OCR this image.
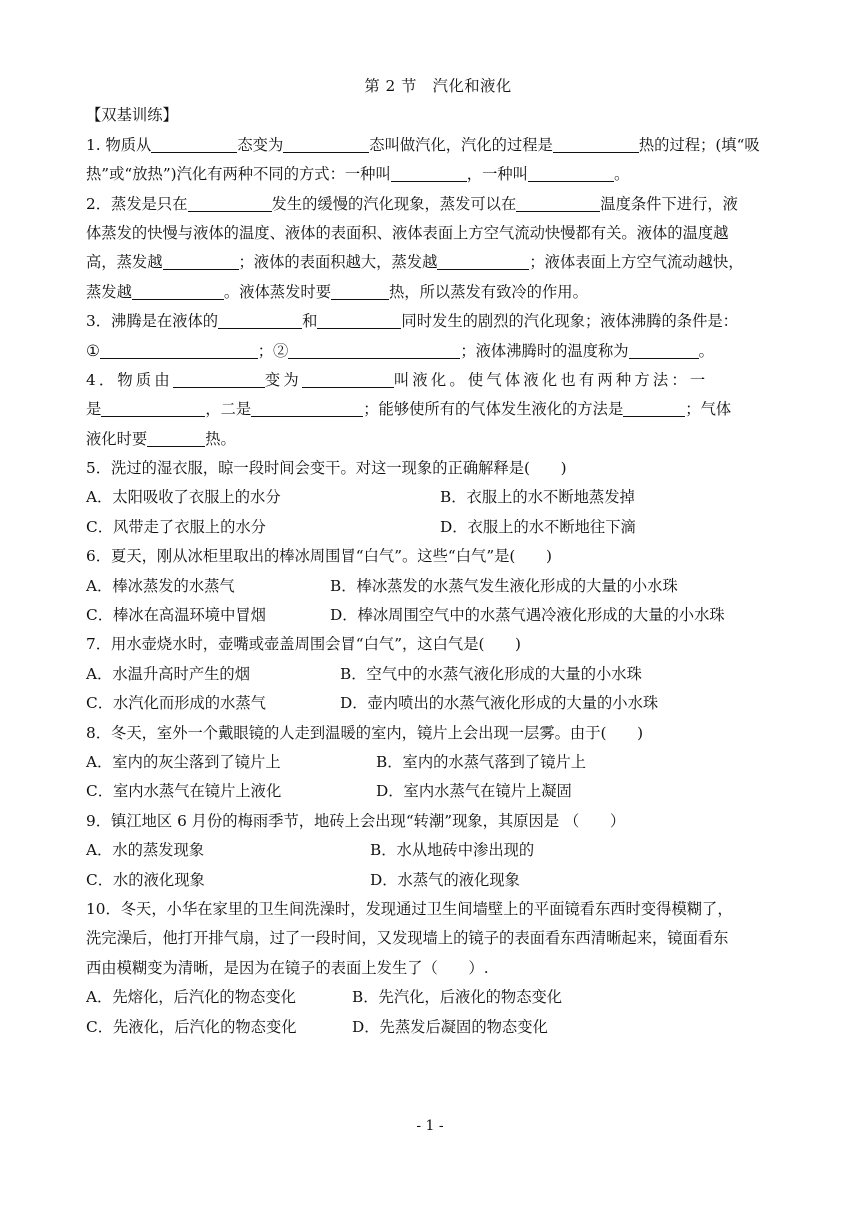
第 2 节　汽化和液化
【双基训练】
1. 物质从	态变为	态叫做汽化，汽化的过程是	热的过程；(填“吸
热”或“放热”)汽化有两种不同的方式：一种叫	，一种叫	。
2．蒸发是只在	发生的缓慢的汽化现象，蒸发可以在	温度条件下进行，液
体蒸发的快慢与液体的温度、液体的表面积、液体表面上方空气流动快慢都有关。液体的温度越
高，蒸发越	；液体的表面积越大，蒸发越	；液体表面上方空气流动越快，
蒸发越	。液体蒸发时要	热，所以蒸发有致冷的作用。
3．沸腾是在液体的	和	同时发生的剧烈的汽化现象；液体沸腾的条件是：
①	；②	；液体沸腾时的温度称为	。
4．物质由	变为	叫液化。使气体液化也有两种方法：一
是	，二是	；能够使所有的气体发生液化的方法是	；气体
液化时要	热。
5．洗过的湿衣服，晾一段时间会变干。对这一现象的正确解释是(　　)
A．太阳吸收了衣服上的水分	B．衣服上的水不断地蒸发掉
C．风带走了衣服上的水分	D．衣服上的水不断地往下滴
6．夏天，刚从冰柜里取出的棒冰周围冒“白气”。这些“白气”是(　　)
A．棒冰蒸发的水蒸气	B．棒冰蒸发的水蒸气发生液化形成的大量的小水珠
C．棒冰在高温环境中冒烟	D．棒冰周围空气中的水蒸气遇冷液化形成的大量的小水珠
7．用水壶烧水时，壶嘴或壶盖周围会冒“白气”，这白气是(　　)
A．水温升高时产生的烟	B．空气中的水蒸气液化形成的大量的小水珠
C．水汽化而形成的水蒸气	D．壶内喷出的水蒸气液化形成的大量的小水珠
8．冬天，室外一个戴眼镜的人走到温暖的室内，镜片上会出现一层雾。由于(　　)
A．室内的灰尘落到了镜片上	B．室内的水蒸气落到了镜片上
C．室内水蒸气在镜片上液化	D．室内水蒸气在镜片上凝固
9．镇江地区 6 月份的梅雨季节，地砖上会出现“转潮”现象，其原因是 （　　）
A．水的蒸发现象	B．水从地砖中渗出现的
C．水的液化现象	D．水蒸气的液化现象
10．冬天，小华在家里的卫生间洗澡时，发现通过卫生间墙壁上的平面镜看东西时变得模糊了，
洗完澡后，他打开排气扇，过了一段时间，又发现墙上的镜子的表面看东西清晰起来，镜面看东
西由模糊变为清晰，是因为在镜子的表面上发生了（　　）.
A．先熔化，后汽化的物态变化	B．先汽化，后液化的物态变化
C．先液化，后汽化的物态变化	D．先蒸发后凝固的物态变化
- 1 -
